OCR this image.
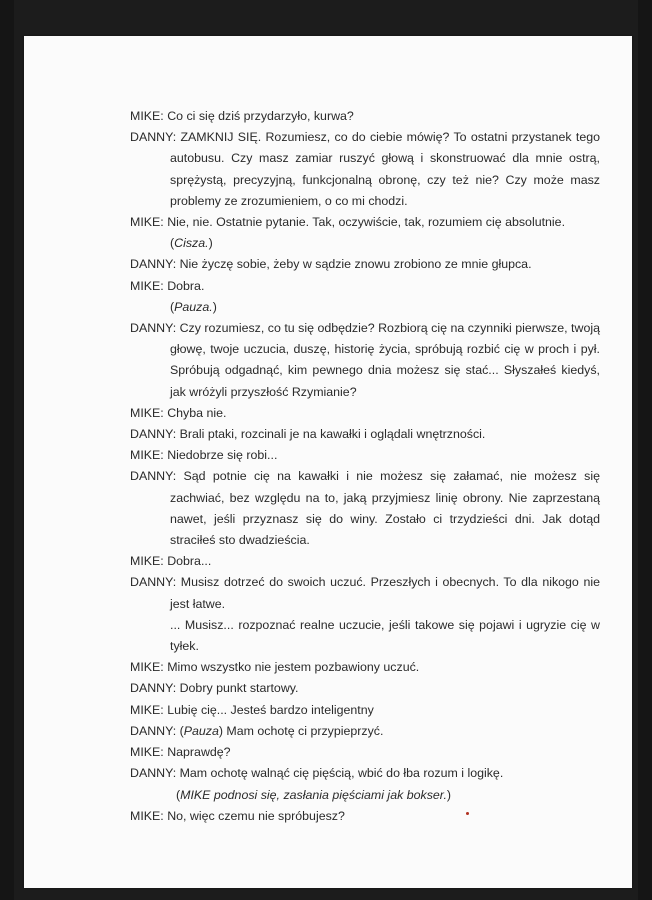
MIKE: Co ci się dziś przydarzyło, kurwa?
DANNY: ZAMKNIJ SIĘ. Rozumiesz, co do ciebie mówię? To ostatni przystanek tego autobusu. Czy masz zamiar ruszyć głową i skonstruować dla mnie ostrą, sprężystą, precyzyjną, funkcjonalną obronę, czy też nie? Czy może masz problemy ze zrozumieniem, o co mi chodzi.
MIKE: Nie, nie. Ostatnie pytanie. Tak, oczywiście, tak, rozumiem cię absolutnie.
(Cisza.)
DANNY: Nie życzę sobie, żeby w sądzie znowu zrobiono ze mnie głupca.
MIKE: Dobra.
(Pauza.)
DANNY: Czy rozumiesz, co tu się odbędzie? Rozbiorą cię na czynniki pierwsze, twoją głowę, twoje uczucia, duszę, historię życia, spróbują rozbić cię w proch i pył. Spróbują odgadnąć, kim pewnego dnia możesz się stać... Słyszałeś kiedyś, jak wróżyli przyszłość Rzymianie?
MIKE: Chyba nie.
DANNY: Brali ptaki, rozcinali je na kawałki i oglądali wnętrzności.
MIKE: Niedobrze się robi...
DANNY: Sąd potnie cię na kawałki i nie możesz się załamać, nie możesz się zachwiać, bez względu na to, jaką przyjmiesz linię obrony. Nie zaprzestaną nawet, jeśli przyznasz się do winy. Zostało ci trzydzieści dni. Jak dotąd straciłeś sto dwadzieścia.
MIKE: Dobra...
DANNY: Musisz dotrzeć do swoich uczuć. Przeszłych i obecnych. To dla nikogo nie jest łatwe.
... Musisz... rozpoznać realne uczucie, jeśli takowe się pojawi i ugryzie cię w tyłek.
MIKE: Mimo wszystko nie jestem pozbawiony uczuć.
DANNY: Dobry punkt startowy.
MIKE: Lubię cię... Jesteś bardzo inteligentny
DANNY: (Pauza) Mam ochotę ci przypieprzyć.
MIKE: Naprawdę?
DANNY: Mam ochotę walnąć cię pięścią, wbić do łba rozum i logikę.
(MIKE podnosi się, zasłania pięściami jak bokser.)
MIKE: No, więc czemu nie spróbujesz?
